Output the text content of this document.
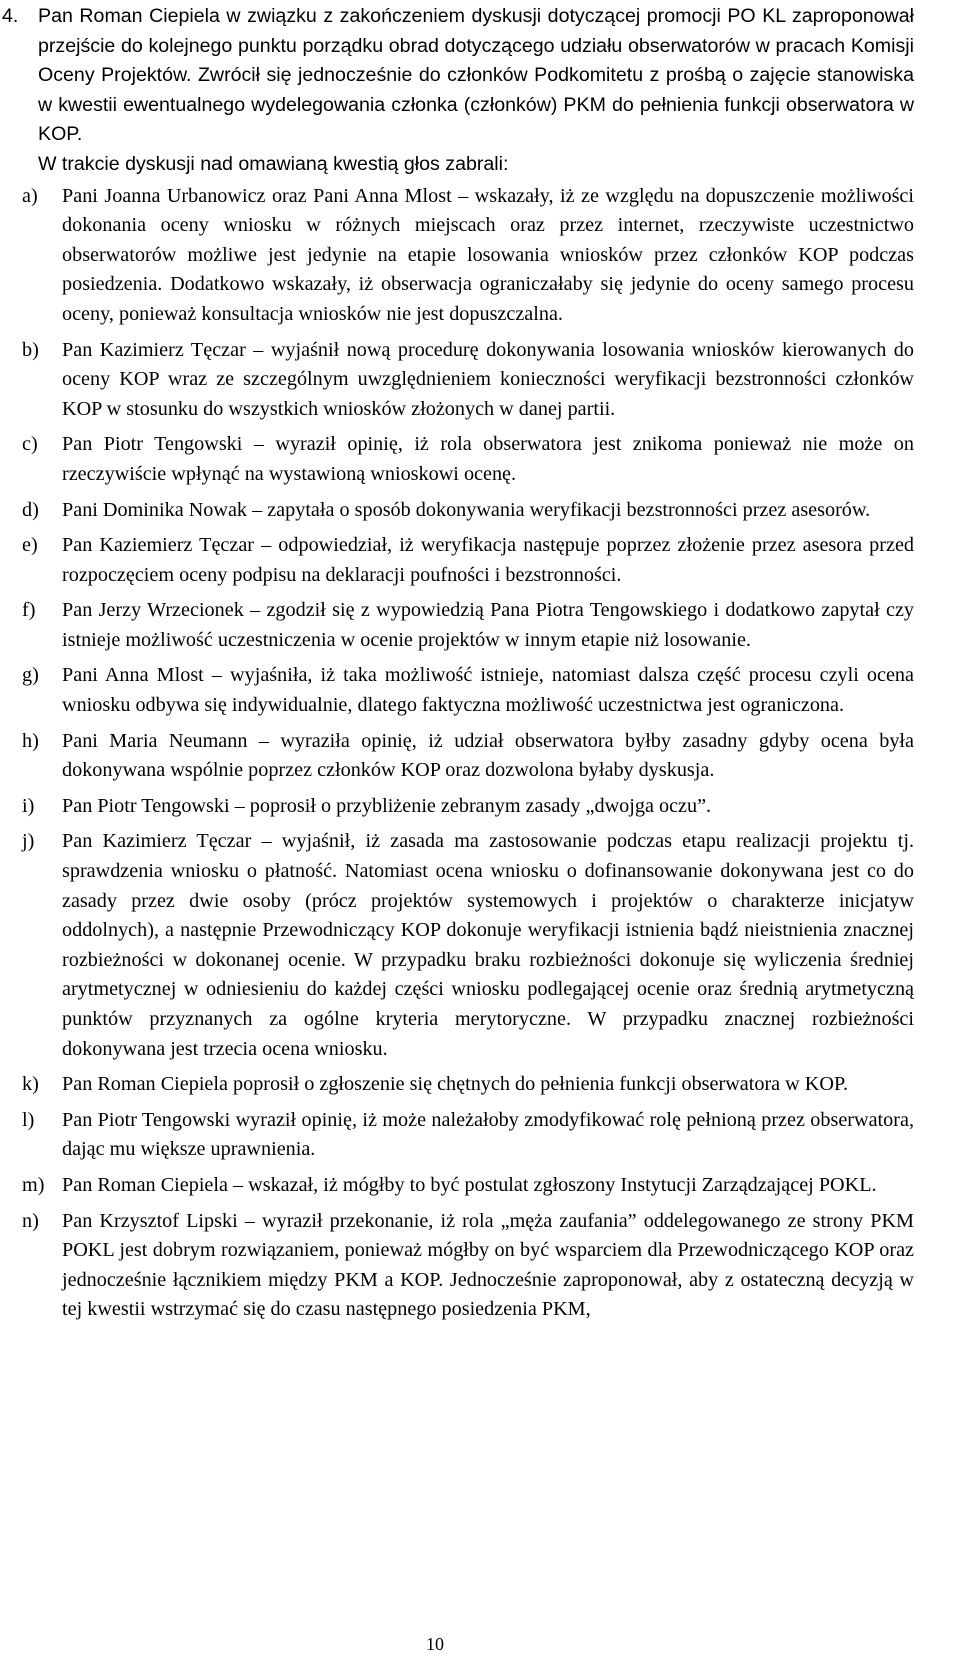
4. Pan Roman Ciepiela w związku z zakończeniem dyskusji dotyczącej promocji PO KL zaproponował przejście do kolejnego punktu porządku obrad dotyczącego udziału obserwatorów w pracach Komisji Oceny Projektów. Zwrócił się jednocześnie do członków Podkomitetu z prośbą o zajęcie stanowiska w kwestii ewentualnego wydelegowania członka (członków) PKM do pełnienia funkcji obserwatora w KOP.
W trakcie dyskusji nad omawianą kwestią głos zabrali:
a) Pani Joanna Urbanowicz oraz Pani Anna Mlost – wskazały, iż ze względu na dopuszczenie możliwości dokonania oceny wniosku w różnych miejscach oraz przez internet, rzeczywiste uczestnictwo obserwatorów możliwe jest jedynie na etapie losowania wniosków przez członków KOP podczas posiedzenia. Dodatkowo wskazały, iż obserwacja ograniczałaby się jedynie do oceny samego procesu oceny, ponieważ konsultacja wniosków nie jest dopuszczalna.
b) Pan Kazimierz Tęczar – wyjaśnił nową procedurę dokonywania losowania wniosków kierowanych do oceny KOP wraz ze szczególnym uwzględnieniem konieczności weryfikacji bezstronności członków KOP w stosunku do wszystkich wniosków złożonych w danej partii.
c) Pan Piotr Tengowski – wyraził opinię, iż rola obserwatora jest znikoma ponieważ nie może on rzeczywiście wpłynąć na wystawioną wnioskowi ocenę.
d) Pani Dominika Nowak – zapytała o sposób dokonywania weryfikacji bezstronności przez asesorów.
e) Pan Kaziemierz Tęczar – odpowiedział, iż weryfikacja następuje poprzez złożenie przez asesora przed rozpoczęciem oceny podpisu na deklaracji poufności i bezstronności.
f) Pan Jerzy Wrzecionek – zgodził się z wypowiedzią Pana Piotra Tengowskiego i dodatkowo zapytał czy istnieje możliwość uczestniczenia w ocenie projektów w innym etapie niż losowanie.
g) Pani Anna Mlost – wyjaśniła, iż taka możliwość istnieje, natomiast dalsza część procesu czyli ocena wniosku odbywa się indywidualnie, dlatego faktyczna możliwość uczestnictwa jest ograniczona.
h) Pani Maria Neumann – wyraziła opinię, iż udział obserwatora byłby zasadny gdyby ocena była dokonywana wspólnie poprzez członków KOP oraz dozwolona byłaby dyskusja.
i) Pan Piotr Tengowski – poprosił o przybliżenie zebranym zasady „dwojga oczu”.
j) Pan Kazimierz Tęczar – wyjaśnił, iż zasada ma zastosowanie podczas etapu realizacji projektu tj. sprawdzenia wniosku o płatność. Natomiast ocena wniosku o dofinansowanie dokonywana jest co do zasady przez dwie osoby (prócz projektów systemowych i projektów o charakterze inicjatyw oddolnych), a następnie Przewodniczący KOP dokonuje weryfikacji istnienia bądź nieistnienia znacznej rozbieżności w dokonanej ocenie. W przypadku braku rozbieżności dokonuje się wyliczenia średniej arytmetycznej w odniesieniu do każdej części wniosku podlegającej ocenie oraz średnią arytmetyczną punktów przyznanych za ogólne kryteria merytoryczne. W przypadku znacznej rozbieżności dokonywana jest trzecia ocena wniosku.
k) Pan Roman Ciepiela poprosił o zgłoszenie się chętnych do pełnienia funkcji obserwatora w KOP.
l) Pan Piotr Tengowski wyraził opinię, iż może należałoby zmodyfikować rolę pełnioną przez obserwatora, dając mu większe uprawnienia.
m) Pan Roman Ciepiela – wskazał, iż mógłby to być postulat zgłoszony Instytucji Zarządzającej POKL.
n) Pan Krzysztof Lipski – wyraził przekonanie, iż rola „męża zaufania” oddelegowanego ze strony PKM POKL jest dobrym rozwiązaniem, ponieważ mógłby on być wsparciem dla Przewodniczącego KOP oraz jednocześnie łącznikiem między PKM a KOP. Jednocześnie zaproponował, aby z ostateczną decyzją w tej kwestii wstrzymać się do czasu następnego posiedzenia PKM,
10
